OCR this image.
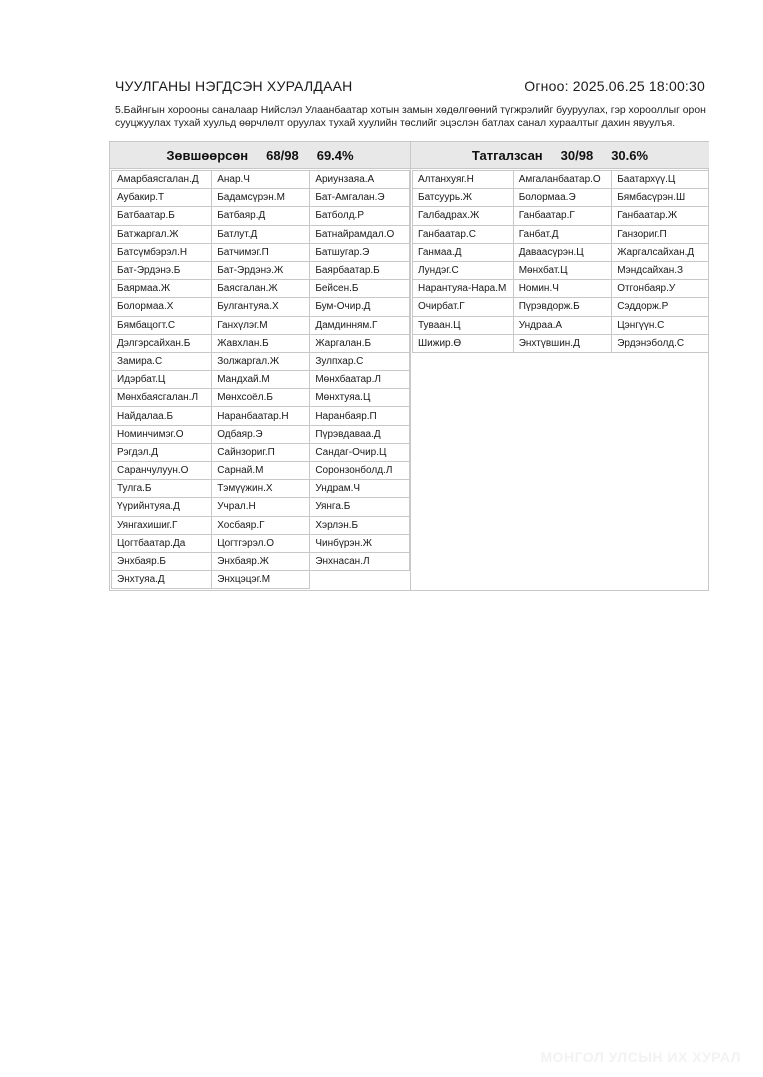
ЧУУЛГАНЫ НЭГДСЭН ХУРАЛДААН	Огноо: 2025.06.25 18:00:30
5.Байнгын хорооны саналаар Нийслэл Улаанбаатар хотын замын хөдөлгөөний түгжрэлийг бууруулах, гэр хорооллыг орон сууцжуулах тухай хуульд өөрчлөлт оруулах тухай хуулийн төслийг эцэслэн батлах санал хураалтыг дахин явуулъя.
Зөвшөөрсөн 68/98 69.4%
Амарбаясгалан.Д	Анар.Ч	Ариунзаяа.А
Аубакир.Т	Бадамсүрэн.М	Бат-Амгалан.Э
Батбаатар.Б	Батбаяр.Д	Батболд.Р
Батжаргал.Ж	Батлут.Д	Батнайрамдал.О
Батсүмбэрэл.Н	Батчимэг.П	Батшугар.Э
Бат-Эрдэнэ.Б	Бат-Эрдэнэ.Ж	Баярбаатар.Б
Баярмаа.Ж	Баясгалан.Ж	Бейсен.Б
Болормаа.Х	Булгантуяа.Х	Бум-Очир.Д
Бямбацогт.С	Ганхүлэг.М	Дамдинням.Г
Дэлгэрсайхан.Б	Жавхлан.Б	Жаргалан.Б
Замира.С	Золжаргал.Ж	Зулпхар.С
Идэрбат.Ц	Мандхай.М	Мөнхбаатар.Л
Мөнхбаясгалан.Л	Мөнхсоёл.Б	Мөнхтуяа.Ц
Найдалаа.Б	Наранбаатар.Н	Наранбаяр.П
Номинчимэг.О	Одбаяр.Э	Пүрэвдаваа.Д
Рэгдэл.Д	Сайнзориг.П	Сандаг-Очир.Ц
Саранчулуун.О	Сарнай.М	Соронзонболд.Л
Тулга.Б	Тэмүүжин.Х	Ундрам.Ч
Үүрийнтуяа.Д	Учрал.Н	Уянга.Б
Уянгахишиг.Г	Хосбаяр.Г	Хэрлэн.Б
Цогтбаатар.Да	Цогтгэрэл.О	Чинбүрэн.Ж
Энхбаяр.Б	Энхбаяр.Ж	Энхнасан.Л
Энхтуяа.Д	Энхцэцэг.М	
Татгалзсан 30/98 30.6%
Алтанхуяг.Н	Амгаланбаатар.О	Баатархүү.Ц
Батсуурь.Ж	Болормаа.Э	Бямбасүрэн.Ш
Галбадрах.Ж	Ганбаатар.Г	Ганбаатар.Ж
Ганбаатар.С	Ганбат.Д	Ганзориг.П
Ганмаа.Д	Даваасүрэн.Ц	Жаргалсайхан.Д
Лундэг.С	Мөнхбат.Ц	Мэндсайхан.З
Нарантуяа-Нара.М	Номин.Ч	Отгонбаяр.У
Очирбат.Г	Пүрэвдорж.Б	Сэддорж.Р
Туваан.Ц	Ундраа.А	Цэнгүүн.С
Шижир.Ө	Энхтүвшин.Д	Эрдэнэболд.С
МОНГОЛ УЛСЫН ИХ ХУРАЛ
